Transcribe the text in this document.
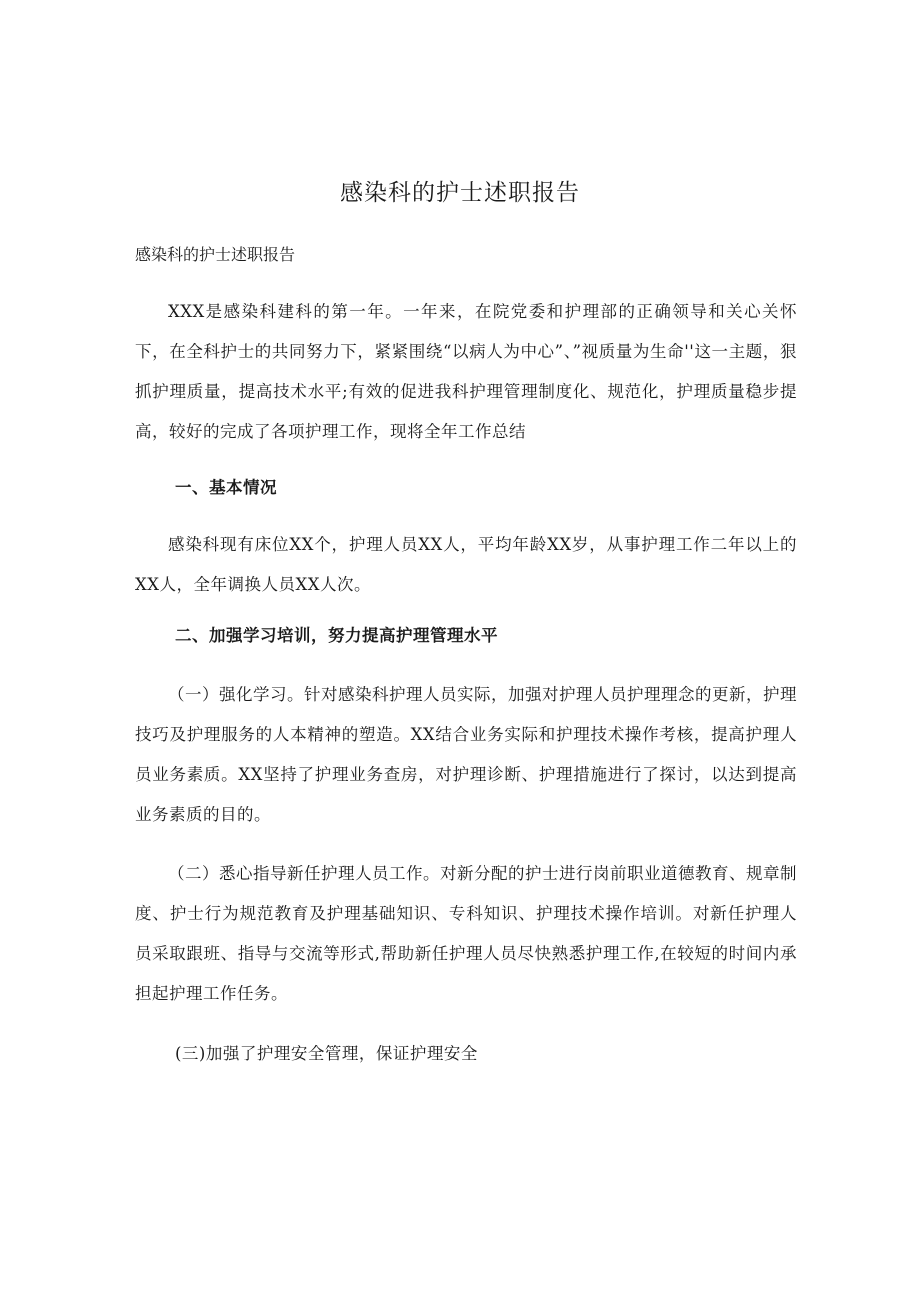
感染科的护士述职报告

感染科的护士述职报告

XXX是感染科建科的第一年。一年来，在院党委和护理部的正确领导和关心关怀下，在全科护士的共同努力下，紧紧围绕“以病人为中心”、”视质量为生命''这一主题，狠抓护理质量，提高技术水平;有效的促进我科护理管理制度化、规范化，护理质量稳步提高，较好的完成了各项护理工作，现将全年工作总结

一、基本情况

感染科现有床位XX个，护理人员XX人，平均年龄XX岁，从事护理工作二年以上的XX人，全年调换人员XX人次。

二、加强学习培训，努力提高护理管理水平

（一）强化学习。针对感染科护理人员实际，加强对护理人员护理理念的更新，护理技巧及护理服务的人本精神的塑造。XX结合业务实际和护理技术操作考核，提高护理人员业务素质。XX坚持了护理业务查房，对护理诊断、护理措施进行了探讨，以达到提高业务素质的目的。

（二）悉心指导新任护理人员工作。对新分配的护士进行岗前职业道德教育、规章制度、护士行为规范教育及护理基础知识、专科知识、护理技术操作培训。对新任护理人员采取跟班、指导与交流等形式,帮助新任护理人员尽快熟悉护理工作,在较短的时间内承担起护理工作任务。

(三)加强了护理安全管理，保证护理安全
